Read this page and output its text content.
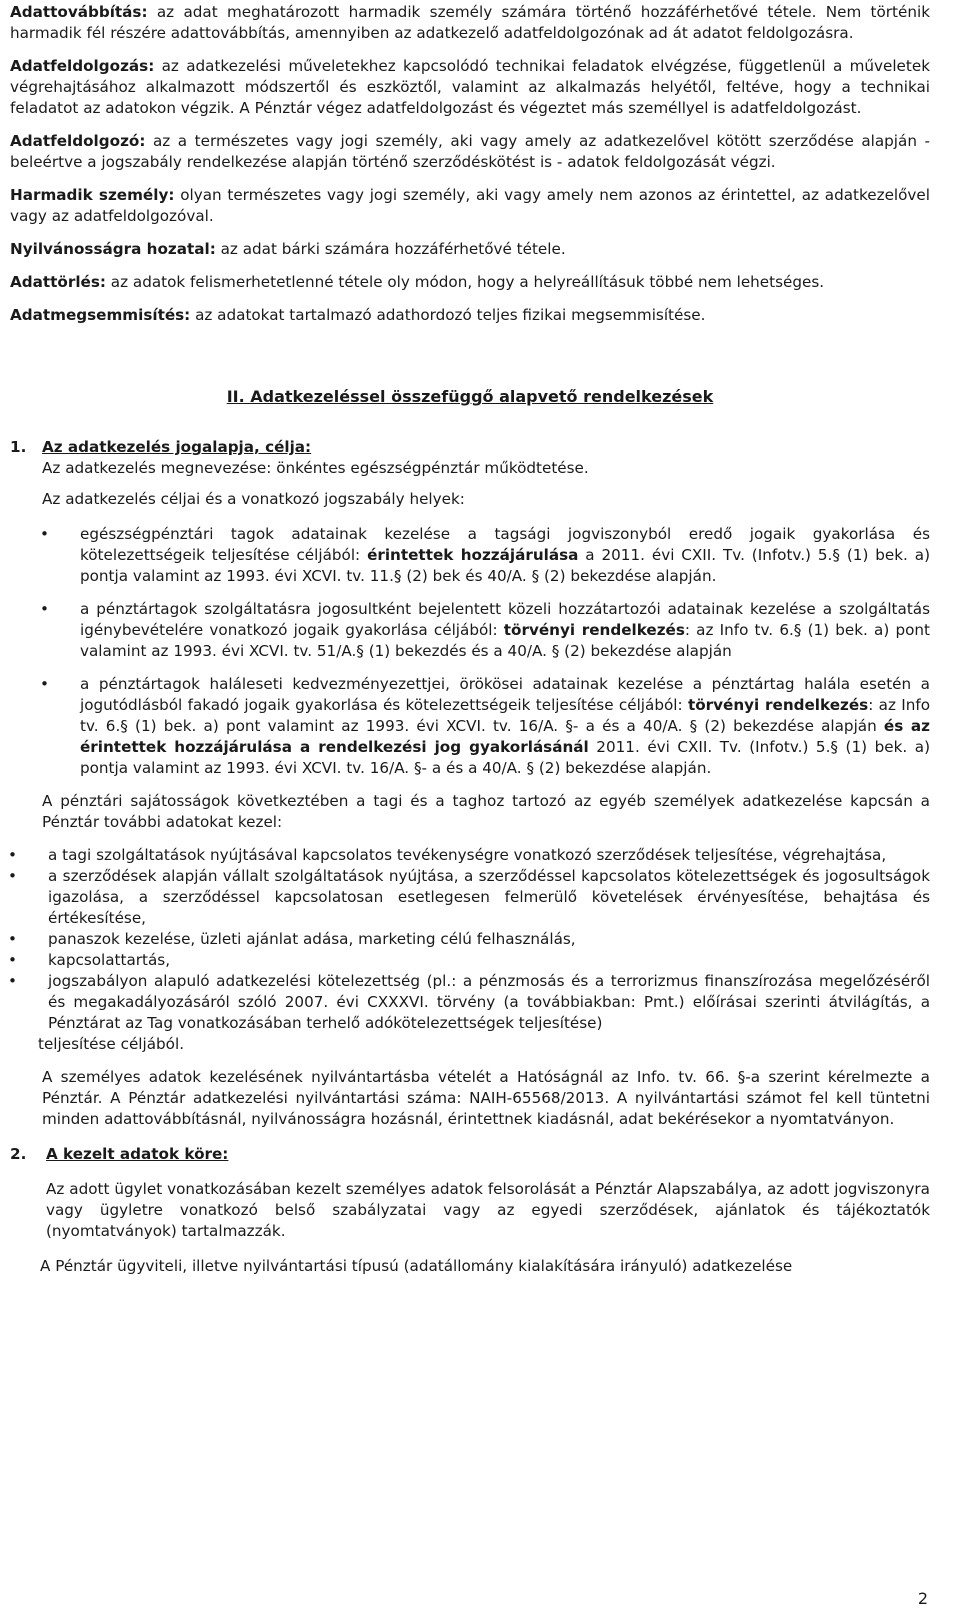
Adattovábbítás: az adat meghatározott harmadik személy számára történő hozzáférhetővé tétele. Nem történik harmadik fél részére adattovábbítás, amennyiben az adatkezelő adatfeldolgozónak ad át adatot feldolgozásra.

Adatfeldolgozás: az adatkezelési műveletekhez kapcsolódó technikai feladatok elvégzése, függetlenül a műveletek végrehajtásához alkalmazott módszertől és eszköztől, valamint az alkalmazás helyétől, feltéve, hogy a technikai feladatot az adatokon végzik. A Pénztár végez adatfeldolgozást és végeztet más személlyel is adatfeldolgozást.

Adatfeldolgozó: az a természetes vagy jogi személy, aki vagy amely az adatkezelővel kötött szerződése alapján - beleértve a jogszabály rendelkezése alapján történő szerződéskötést is - adatok feldolgozását végzi.

Harmadik személy: olyan természetes vagy jogi személy, aki vagy amely nem azonos az érintettel, az adatkezelővel vagy az adatfeldolgozóval.

Nyilvánosságra hozatal: az adat bárki számára hozzáférhetővé tétele.

Adattörlés: az adatok felismerhetetlenné tétele oly módon, hogy a helyreállításuk többé nem lehetséges.

Adatmegsemmisítés: az adatokat tartalmazó adathordozó teljes fizikai megsemmisítése.

II. Adatkezeléssel összefüggő alapvető rendelkezések

1. Az adatkezelés jogalapja, célja:

Az adatkezelés megnevezése: önkéntes egészségpénztár működtetése.

Az adatkezelés céljai és a vonatkozó jogszabály helyek:

• egészségpénztári tagok adatainak kezelése a tagsági jogviszonyból eredő jogaik gyakorlása és kötelezettségeik teljesítése céljából: érintettek hozzájárulása a 2011. évi CXII. Tv. (Infotv.) 5.§ (1) bek. a) pontja valamint az 1993. évi XCVI. tv. 11.§ (2) bek és 40/A. § (2) bekezdése alapján.
• a pénztártagok szolgáltatásra jogosultként bejelentett közeli hozzátartozói adatainak kezelése a szolgáltatás igénybevételére vonatkozó jogaik gyakorlása céljából: törvényi rendelkezés: az Info tv. 6.§ (1) bek. a) pont valamint az 1993. évi XCVI. tv. 51/A.§ (1) bekezdés és a 40/A. § (2) bekezdése alapján
• a pénztártagok haláleseti kedvezményezettjei, örökösei adatainak kezelése a pénztártag halála esetén a jogutódlásból fakadó jogaik gyakorlása és kötelezettségeik teljesítése céljából: törvényi rendelkezés: az Info tv. 6.§ (1) bek. a) pont valamint az 1993. évi XCVI. tv. 16/A. §- a és a 40/A. § (2) bekezdése alapján és az érintettek hozzájárulása a rendelkezési jog gyakorlásánál 2011. évi CXII. Tv. (Infotv.) 5.§ (1) bek. a) pontja valamint az 1993. évi XCVI. tv. 16/A. §- a és a 40/A. § (2) bekezdése alapján.

A pénztári sajátosságok következtében a tagi és a taghoz tartozó az egyéb személyek adatkezelése kapcsán a Pénztár további adatokat kezel:

• a tagi szolgáltatások nyújtásával kapcsolatos tevékenységre vonatkozó szerződések teljesítése, végrehajtása,
• a szerződések alapján vállalt szolgáltatások nyújtása, a szerződéssel kapcsolatos kötelezettségek és jogosultságok igazolása, a szerződéssel kapcsolatosan esetlegesen felmerülő követelések érvényesítése, behajtása és értékesítése,
• panaszok kezelése, üzleti ajánlat adása, marketing célú felhasználás,
• kapcsolattartás,
• jogszabályon alapuló adatkezelési kötelezettség (pl.: a pénzmosás és a terrorizmus finanszírozása megelőzéséről és megakadályozásáról szóló 2007. évi CXXXVI. törvény (a továbbiakban: Pmt.) előírásai szerinti átvilágítás, a Pénztárat az Tag vonatkozásában terhelő adókötelezettségek teljesítése)

teljesítése céljából.

A személyes adatok kezelésének nyilvántartásba vételét a Hatóságnál az Info. tv. 66. §-a szerint kérelmezte a Pénztár. A Pénztár adatkezelési nyilvántartási száma: NAIH-65568/2013. A nyilvántartási számot fel kell tüntetni minden adattovábbításnál, nyilvánosságra hozásnál, érintettnek kiadásnál, adat bekérésekor a nyomtatványon.

2. A kezelt adatok köre:

Az adott ügylet vonatkozásában kezelt személyes adatok felsorolását a Pénztár Alapszabálya, az adott jogviszonyra vagy ügyletre vonatkozó belső szabályzatai vagy az egyedi szerződések, ajánlatok és tájékoztatók (nyomtatványok) tartalmazzák.

A Pénztár ügyviteli, illetve nyilvántartási típusú (adatállomány kialakítására irányuló) adatkezelése

2
